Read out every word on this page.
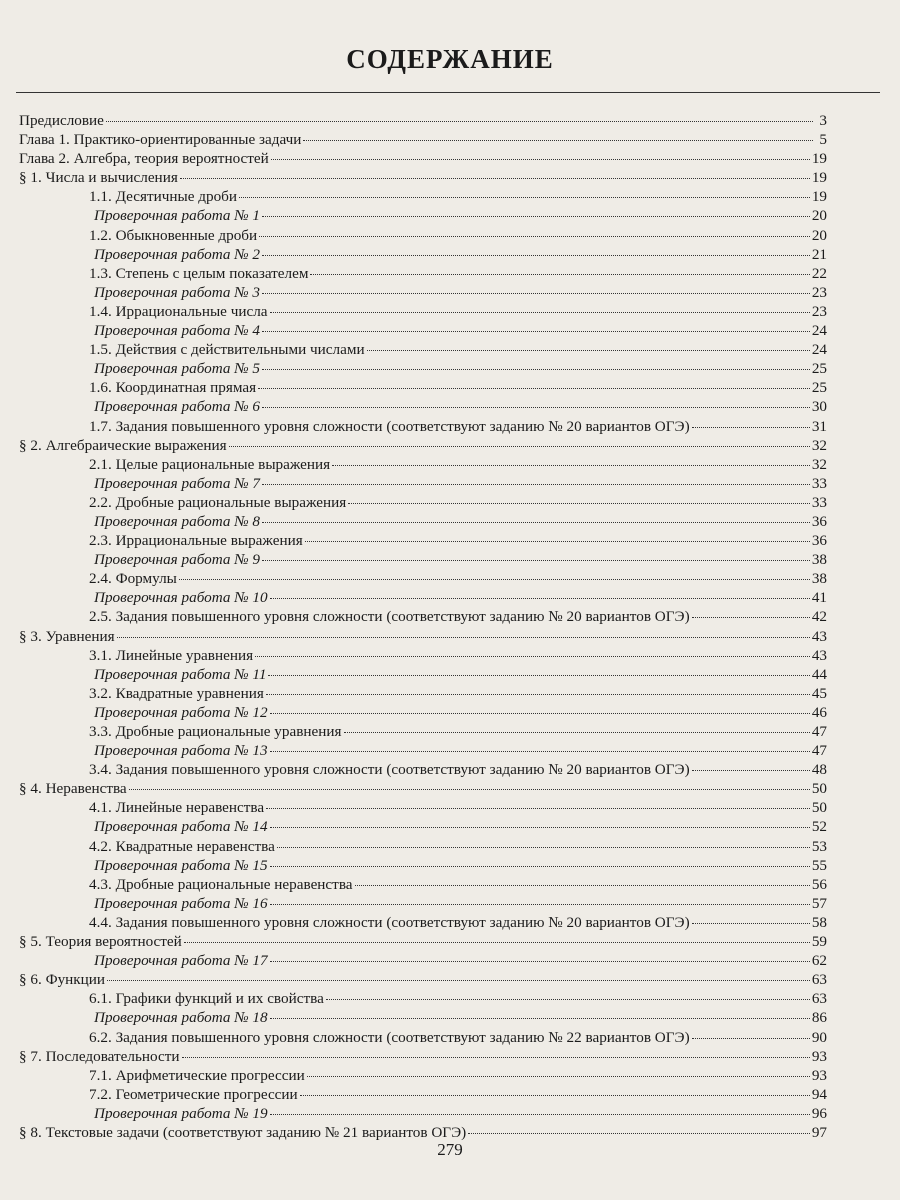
СОДЕРЖАНИЕ
Предисловие	3
Глава 1. Практико-ориентированные задачи	5
Глава 2. Алгебра, теория вероятностей	19
§ 1. Числа и вычисления	19
1.1. Десятичные дроби	19
Проверочная работа № 1	20
1.2. Обыкновенные дроби	20
Проверочная работа № 2	21
1.3. Степень с целым показателем	22
Проверочная работа № 3	23
1.4. Иррациональные числа	23
Проверочная работа № 4	24
1.5. Действия с действительными числами	24
Проверочная работа № 5	25
1.6. Координатная прямая	25
Проверочная работа № 6	30
1.7. Задания повышенного уровня сложности (соответствуют заданию № 20 вариантов ОГЭ)	31
§ 2. Алгебраические выражения	32
2.1. Целые рациональные выражения	32
Проверочная работа № 7	33
2.2. Дробные рациональные выражения	33
Проверочная работа № 8	36
2.3. Иррациональные выражения	36
Проверочная работа № 9	38
2.4. Формулы	38
Проверочная работа № 10	41
2.5. Задания повышенного уровня сложности (соответствуют заданию № 20 вариантов ОГЭ)	42
§ 3. Уравнения	43
3.1. Линейные уравнения	43
Проверочная работа № 11	44
3.2. Квадратные уравнения	45
Проверочная работа № 12	46
3.3. Дробные рациональные уравнения	47
Проверочная работа № 13	47
3.4. Задания повышенного уровня сложности (соответствуют заданию № 20 вариантов ОГЭ)	48
§ 4. Неравенства	50
4.1. Линейные неравенства	50
Проверочная работа № 14	52
4.2. Квадратные неравенства	53
Проверочная работа № 15	55
4.3. Дробные рациональные неравенства	56
Проверочная работа № 16	57
4.4. Задания повышенного уровня сложности (соответствуют заданию № 20 вариантов ОГЭ)	58
§ 5. Теория вероятностей	59
Проверочная работа № 17	62
§ 6. Функции	63
6.1. Графики функций и их свойства	63
Проверочная работа № 18	86
6.2. Задания повышенного уровня сложности (соответствуют заданию № 22 вариантов ОГЭ)	90
§ 7. Последовательности	93
7.1. Арифметические прогрессии	93
7.2. Геометрические прогрессии	94
Проверочная работа № 19	96
§ 8. Текстовые задачи (соответствуют заданию № 21 вариантов ОГЭ)	97
279
